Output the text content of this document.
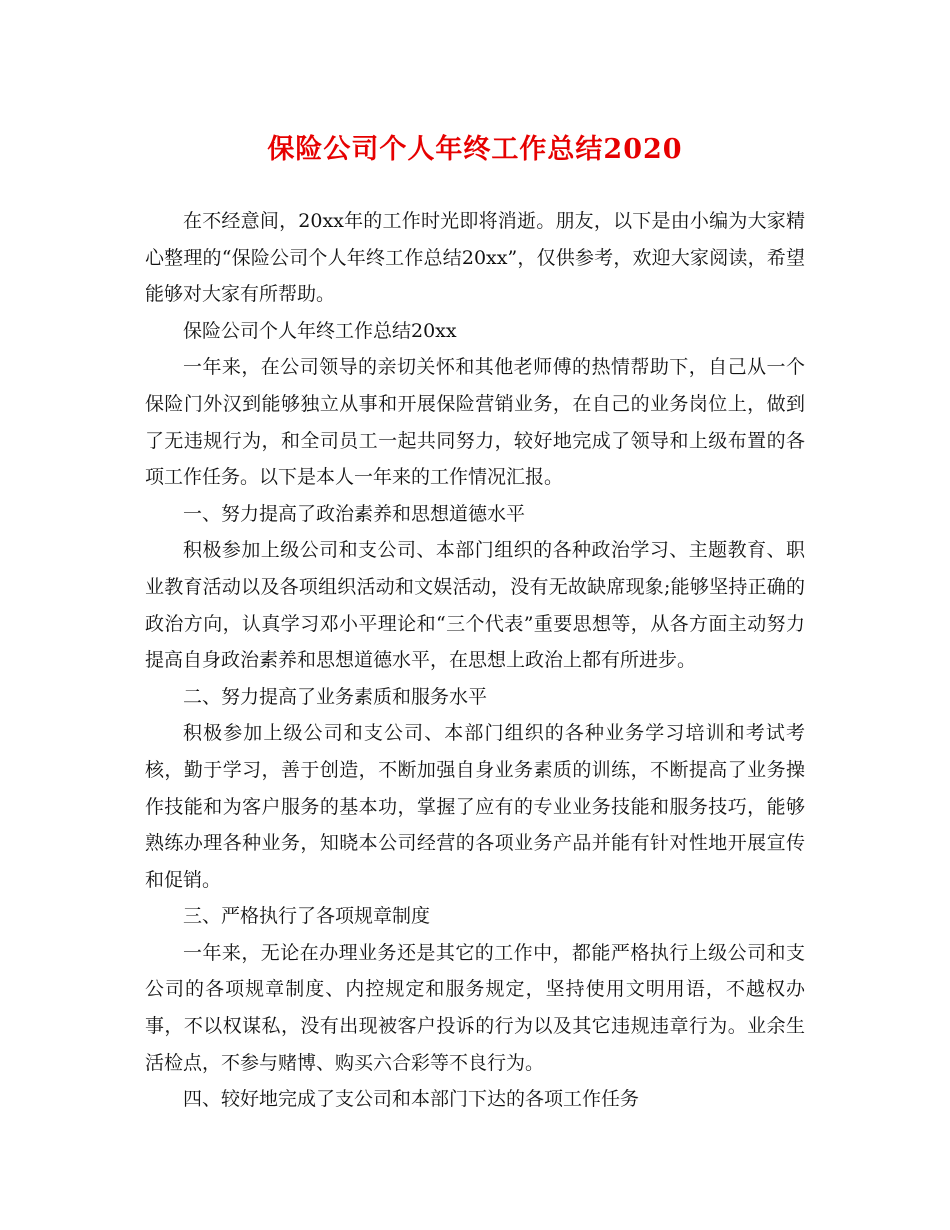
保险公司个人年终工作总结2020

在不经意间，20xx年的工作时光即将消逝。朋友，以下是由小编为大家精心整理的“保险公司个人年终工作总结20xx”，仅供参考，欢迎大家阅读，希望能够对大家有所帮助。

保险公司个人年终工作总结20xx

一年来，在公司领导的亲切关怀和其他老师傅的热情帮助下，自己从一个保险门外汉到能够独立从事和开展保险营销业务，在自己的业务岗位上，做到了无违规行为，和全司员工一起共同努力，较好地完成了领导和上级布置的各项工作任务。以下是本人一年来的工作情况汇报。

一、努力提高了政治素养和思想道德水平

积极参加上级公司和支公司、本部门组织的各种政治学习、主题教育、职业教育活动以及各项组织活动和文娱活动，没有无故缺席现象;能够坚持正确的政治方向，认真学习邓小平理论和“三个代表”重要思想等，从各方面主动努力提高自身政治素养和思想道德水平，在思想上政治上都有所进步。

二、努力提高了业务素质和服务水平

积极参加上级公司和支公司、本部门组织的各种业务学习培训和考试考核，勤于学习，善于创造，不断加强自身业务素质的训练，不断提高了业务操作技能和为客户服务的基本功，掌握了应有的专业业务技能和服务技巧，能够熟练办理各种业务，知晓本公司经营的各项业务产品并能有针对性地开展宣传和促销。

三、严格执行了各项规章制度

一年来，无论在办理业务还是其它的工作中，都能严格执行上级公司和支公司的各项规章制度、内控规定和服务规定，坚持使用文明用语，不越权办事，不以权谋私，没有出现被客户投诉的行为以及其它违规违章行为。业余生活检点，不参与赌博、购买六合彩等不良行为。

四、较好地完成了支公司和本部门下达的各项工作任务
